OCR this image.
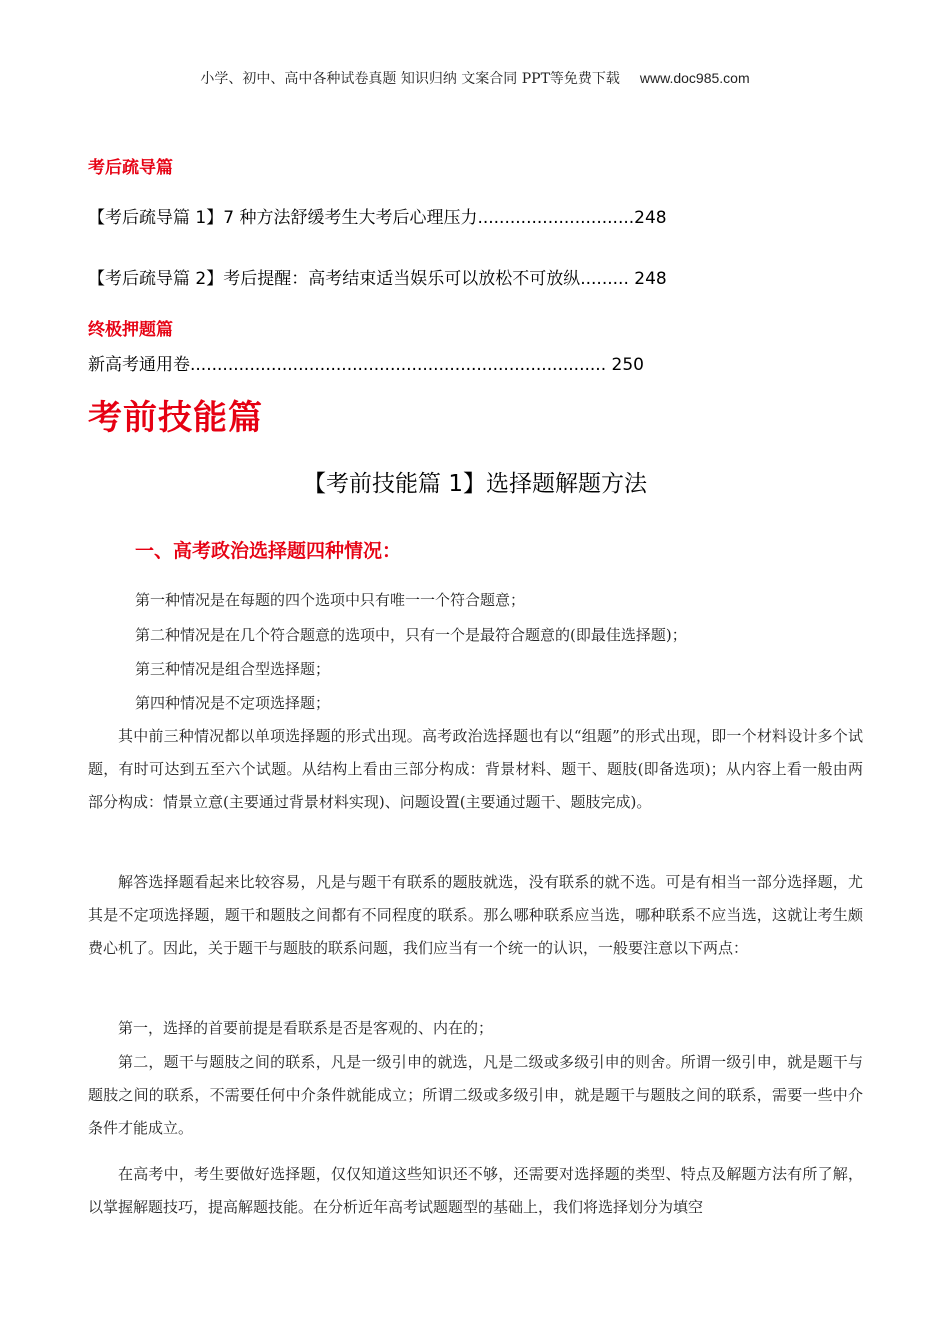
小学、初中、高中各种试卷真题 知识归纳 文案合同 PPT等免费下载 www.doc985.com
考后疏导篇
【考后疏导篇 1】7 种方法舒缓考生大考后心理压力.............................248
【考后疏导篇 2】考后提醒：高考结束适当娱乐可以放松不可放纵......... 248
终极押题篇
新高考通用卷............................................................................. 250
考前技能篇
【考前技能篇 1】选择题解题方法
一、高考政治选择题四种情况：
第一种情况是在每题的四个选项中只有唯一一个符合题意；
第二种情况是在几个符合题意的选项中，只有一个是最符合题意的(即最佳选择题)；
第三种情况是组合型选择题；
第四种情况是不定项选择题；
其中前三种情况都以单项选择题的形式出现。高考政治选择题也有以“组题”的形式出现，即一个材料设计多个试题，有时可达到五至六个试题。从结构上看由三部分构成：背景材料、题干、题肢(即备选项)；从内容上看一般由两部分构成：情景立意(主要通过背景材料实现)、问题设置(主要通过题干、题肢完成)。
解答选择题看起来比较容易，凡是与题干有联系的题肢就选，没有联系的就不选。可是有相当一部分选择题，尤其是不定项选择题，题干和题肢之间都有不同程度的联系。那么哪种联系应当选，哪种联系不应当选，这就让考生颇费心机了。因此，关于题干与题肢的联系问题，我们应当有一个统一的认识，一般要注意以下两点：
第一，选择的首要前提是看联系是否是客观的、内在的；
第二，题干与题肢之间的联系，凡是一级引申的就选，凡是二级或多级引申的则舍。所谓一级引申，就是题干与题肢之间的联系，不需要任何中介条件就能成立；所谓二级或多级引申，就是题干与题肢之间的联系，需要一些中介条件才能成立。
在高考中，考生要做好选择题，仅仅知道这些知识还不够，还需要对选择题的类型、特点及解题方法有所了解，以掌握解题技巧，提高解题技能。在分析近年高考试题题型的基础上，我们将选择划分为填空
